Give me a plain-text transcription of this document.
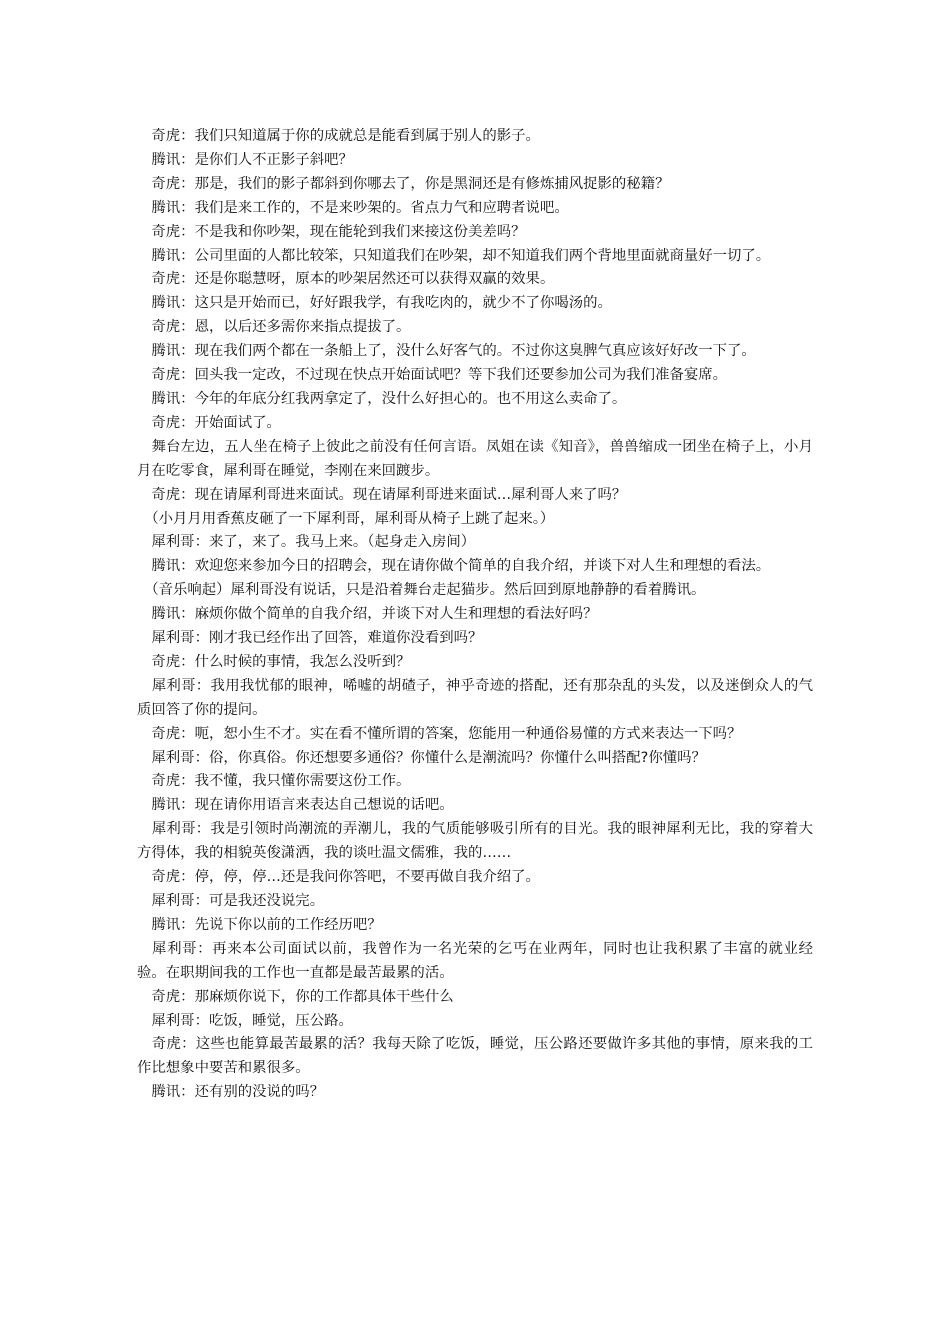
　奇虎：我们只知道属于你的成就总是能看到属于别人的影子。

　腾讯：是你们人不正影子斜吧？

　奇虎：那是，我们的影子都斜到你哪去了，你是黑洞还是有修炼捕风捉影的秘籍？

　腾讯：我们是来工作的，不是来吵架的。省点力气和应聘者说吧。

　奇虎：不是我和你吵架，现在能轮到我们来接这份美差吗？

　腾讯：公司里面的人都比较笨，只知道我们在吵架，却不知道我们两个背地里面就商量好一切了。

　奇虎：还是你聪慧呀，原本的吵架居然还可以获得双赢的效果。

　腾讯：这只是开始而已，好好跟我学，有我吃肉的，就少不了你喝汤的。

　奇虎：恩，以后还多需你来指点提拔了。

　腾讯：现在我们两个都在一条船上了，没什么好客气的。不过你这臭脾气真应该好好改一下了。

　奇虎：回头我一定改，不过现在快点开始面试吧？等下我们还要参加公司为我们准备宴席。

　腾讯：今年的年底分红我两拿定了，没什么好担心的。也不用这么卖命了。

　奇虎：开始面试了。

　舞台左边，五人坐在椅子上彼此之前没有任何言语。凤姐在读《知音》，兽兽缩成一团坐在椅子上，小月月在吃零食，犀利哥在睡觉，李刚在来回踱步。

　奇虎：现在请犀利哥进来面试。现在请犀利哥进来面试…犀利哥人来了吗？

　（小月月用香蕉皮砸了一下犀利哥，犀利哥从椅子上跳了起来。）

　犀利哥：来了，来了。我马上来。（起身走入房间）

　腾讯：欢迎您来参加今日的招聘会，现在请你做个简单的自我介绍，并谈下对人生和理想的看法。

　（音乐响起）犀利哥没有说话，只是沿着舞台走起猫步。然后回到原地静静的看着腾讯。

　腾讯：麻烦你做个简单的自我介绍，并谈下对人生和理想的看法好吗？

　犀利哥：刚才我已经作出了回答，难道你没看到吗？

　奇虎：什么时候的事情，我怎么没听到？

　犀利哥：我用我忧郁的眼神，唏嘘的胡碴子，神乎奇迹的搭配，还有那杂乱的头发，以及迷倒众人的气质回答了你的提问。

　奇虎：呃，恕小生不才。实在看不懂所谓的答案，您能用一种通俗易懂的方式来表达一下吗？

　犀利哥：俗，你真俗。你还想要多通俗？你懂什么是潮流吗？你懂什么叫搭配?你懂吗？

　奇虎：我不懂，我只懂你需要这份工作。

　腾讯：现在请你用语言来表达自己想说的话吧。

　犀利哥：我是引领时尚潮流的弄潮儿，我的气质能够吸引所有的目光。我的眼神犀利无比，我的穿着大方得体，我的相貌英俊潇洒，我的谈吐温文儒雅，我的……

　奇虎：停，停，停…还是我问你答吧，不要再做自我介绍了。

　犀利哥：可是我还没说完。

　腾讯：先说下你以前的工作经历吧？

　犀利哥：再来本公司面试以前，我曾作为一名光荣的乞丐在业两年，同时也让我积累了丰富的就业经验。在职期间我的工作也一直都是最苦最累的活。

　奇虎：那麻烦你说下，你的工作都具体干些什么

　犀利哥：吃饭，睡觉，压公路。

　奇虎：这些也能算最苦最累的活？我每天除了吃饭，睡觉，压公路还要做许多其他的事情，原来我的工作比想象中要苦和累很多。

　腾讯：还有别的没说的吗？
